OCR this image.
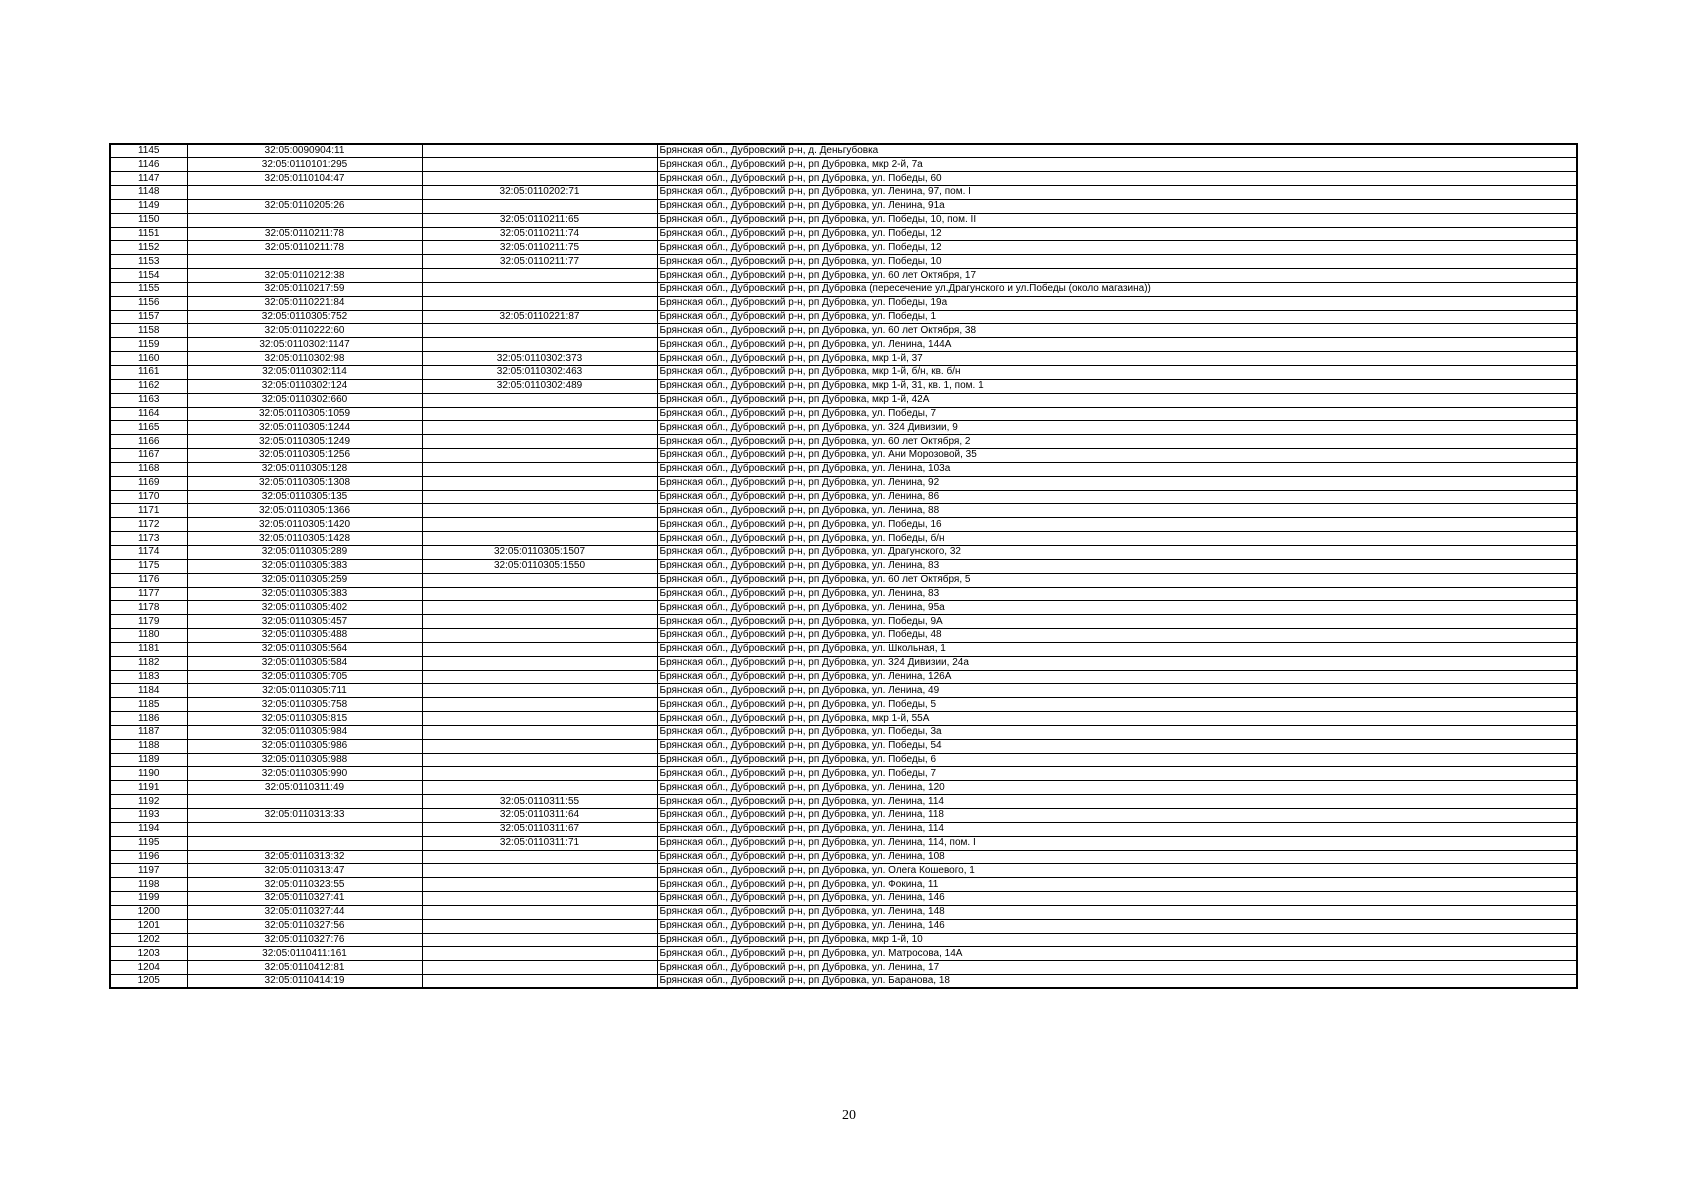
1145	32:05:0090904:11		Брянская обл., Дубровский р-н, д. Деньгубовка
1146	32:05:0110101:295		Брянская обл., Дубровский р-н, рп Дубровка, мкр 2-й, 7а
1147	32:05:0110104:47		Брянская обл., Дубровский р-н, рп Дубровка, ул. Победы, 60
1148		32:05:0110202:71	Брянская обл., Дубровский р-н, рп Дубровка, ул. Ленина, 97, пом. I
1149	32:05:0110205:26		Брянская обл., Дубровский р-н, рп Дубровка, ул. Ленина, 91а
1150		32:05:0110211:65	Брянская обл., Дубровский р-н, рп Дубровка, ул. Победы, 10, пом. II
1151	32:05:0110211:78	32:05:0110211:74	Брянская обл., Дубровский р-н, рп Дубровка, ул. Победы, 12
1152	32:05:0110211:78	32:05:0110211:75	Брянская обл., Дубровский р-н, рп Дубровка, ул. Победы, 12
1153		32:05:0110211:77	Брянская обл., Дубровский р-н, рп Дубровка, ул. Победы, 10
1154	32:05:0110212:38		Брянская обл., Дубровский р-н, рп Дубровка, ул. 60 лет Октября, 17
1155	32:05:0110217:59		Брянская обл., Дубровский р-н, рп Дубровка (пересечение ул.Драгунского и ул.Победы (около магазина))
1156	32:05:0110221:84		Брянская обл., Дубровский р-н, рп Дубровка, ул. Победы, 19а
1157	32:05:0110305:752	32:05:0110221:87	Брянская обл., Дубровский р-н, рп Дубровка, ул. Победы, 1
1158	32:05:0110222:60		Брянская обл., Дубровский р-н, рп Дубровка, ул. 60 лет Октября, 38
1159	32:05:0110302:1147		Брянская обл., Дубровский р-н, рп Дубровка, ул. Ленина, 144А
1160	32:05:0110302:98	32:05:0110302:373	Брянская обл., Дубровский р-н, рп Дубровка, мкр 1-й, 37
1161	32:05:0110302:114	32:05:0110302:463	Брянская обл., Дубровский р-н, рп Дубровка, мкр 1-й, б/н, кв. б/н
1162	32:05:0110302:124	32:05:0110302:489	Брянская обл., Дубровский р-н, рп Дубровка, мкр 1-й, 31, кв. 1, пом. 1
1163	32:05:0110302:660		Брянская обл., Дубровский р-н, рп Дубровка, мкр 1-й, 42А
1164	32:05:0110305:1059		Брянская обл., Дубровский р-н, рп Дубровка, ул. Победы, 7
1165	32:05:0110305:1244		Брянская обл., Дубровский р-н, рп Дубровка, ул. 324 Дивизии, 9
1166	32:05:0110305:1249		Брянская обл., Дубровский р-н, рп Дубровка, ул. 60 лет Октября, 2
1167	32:05:0110305:1256		Брянская обл., Дубровский р-н, рп Дубровка, ул. Ани Морозовой, 35
1168	32:05:0110305:128		Брянская обл., Дубровский р-н, рп Дубровка, ул. Ленина, 103а
1169	32:05:0110305:1308		Брянская обл., Дубровский р-н, рп Дубровка, ул. Ленина, 92
1170	32:05:0110305:135		Брянская обл., Дубровский р-н, рп Дубровка, ул. Ленина, 86
1171	32:05:0110305:1366		Брянская обл., Дубровский р-н, рп Дубровка, ул. Ленина, 88
1172	32:05:0110305:1420		Брянская обл., Дубровский р-н, рп Дубровка, ул. Победы, 16
1173	32:05:0110305:1428		Брянская обл., Дубровский р-н, рп Дубровка, ул. Победы, б/н
1174	32:05:0110305:289	32:05:0110305:1507	Брянская обл., Дубровский р-н, рп Дубровка, ул. Драгунского, 32
1175	32:05:0110305:383	32:05:0110305:1550	Брянская обл., Дубровский р-н, рп Дубровка, ул. Ленина, 83
1176	32:05:0110305:259		Брянская обл., Дубровский р-н, рп Дубровка, ул. 60 лет Октября, 5
1177	32:05:0110305:383		Брянская обл., Дубровский р-н, рп Дубровка, ул. Ленина, 83
1178	32:05:0110305:402		Брянская обл., Дубровский р-н, рп Дубровка, ул. Ленина, 95а
1179	32:05:0110305:457		Брянская обл., Дубровский р-н, рп Дубровка, ул. Победы, 9А
1180	32:05:0110305:488		Брянская обл., Дубровский р-н, рп Дубровка, ул. Победы, 48
1181	32:05:0110305:564		Брянская обл., Дубровский р-н, рп Дубровка, ул. Школьная, 1
1182	32:05:0110305:584		Брянская обл., Дубровский р-н, рп Дубровка, ул. 324 Дивизии, 24а
1183	32:05:0110305:705		Брянская обл., Дубровский р-н, рп Дубровка, ул. Ленина, 126А
1184	32:05:0110305:711		Брянская обл., Дубровский р-н, рп Дубровка, ул. Ленина, 49
1185	32:05:0110305:758		Брянская обл., Дубровский р-н, рп Дубровка, ул. Победы, 5
1186	32:05:0110305:815		Брянская обл., Дубровский р-н, рп Дубровка, мкр 1-й, 55А
1187	32:05:0110305:984		Брянская обл., Дубровский р-н, рп Дубровка, ул. Победы, 3а
1188	32:05:0110305:986		Брянская обл., Дубровский р-н, рп Дубровка, ул. Победы, 54
1189	32:05:0110305:988		Брянская обл., Дубровский р-н, рп Дубровка, ул. Победы, 6
1190	32:05:0110305:990		Брянская обл., Дубровский р-н, рп Дубровка, ул. Победы, 7
1191	32:05:0110311:49		Брянская обл., Дубровский р-н, рп Дубровка, ул. Ленина, 120
1192		32:05:0110311:55	Брянская обл., Дубровский р-н, рп Дубровка, ул. Ленина, 114
1193	32:05:0110313:33	32:05:0110311:64	Брянская обл., Дубровский р-н, рп Дубровка, ул. Ленина, 118
1194		32:05:0110311:67	Брянская обл., Дубровский р-н, рп Дубровка, ул. Ленина, 114
1195		32:05:0110311:71	Брянская обл., Дубровский р-н, рп Дубровка, ул. Ленина, 114, пом. I
1196	32:05:0110313:32		Брянская обл., Дубровский р-н, рп Дубровка, ул. Ленина, 108
1197	32:05:0110313:47		Брянская обл., Дубровский р-н, рп Дубровка, ул. Олега Кошевого, 1
1198	32:05:0110323:55		Брянская обл., Дубровский р-н, рп Дубровка, ул. Фокина, 11
1199	32:05:0110327:41		Брянская обл., Дубровский р-н, рп Дубровка, ул. Ленина, 146
1200	32:05:0110327:44		Брянская обл., Дубровский р-н, рп Дубровка, ул. Ленина, 148
1201	32:05:0110327:56		Брянская обл., Дубровский р-н, рп Дубровка, ул. Ленина, 146
1202	32:05:0110327:76		Брянская обл., Дубровский р-н, рп Дубровка, мкр 1-й, 10
1203	32:05:0110411:161		Брянская обл., Дубровский р-н, рп Дубровка, ул. Матросова, 14А
1204	32:05:0110412:81		Брянская обл., Дубровский р-н, рп Дубровка, ул. Ленина, 17
1205	32:05:0110414:19		Брянская обл., Дубровский р-н, рп Дубровка, ул. Баранова, 18
20
